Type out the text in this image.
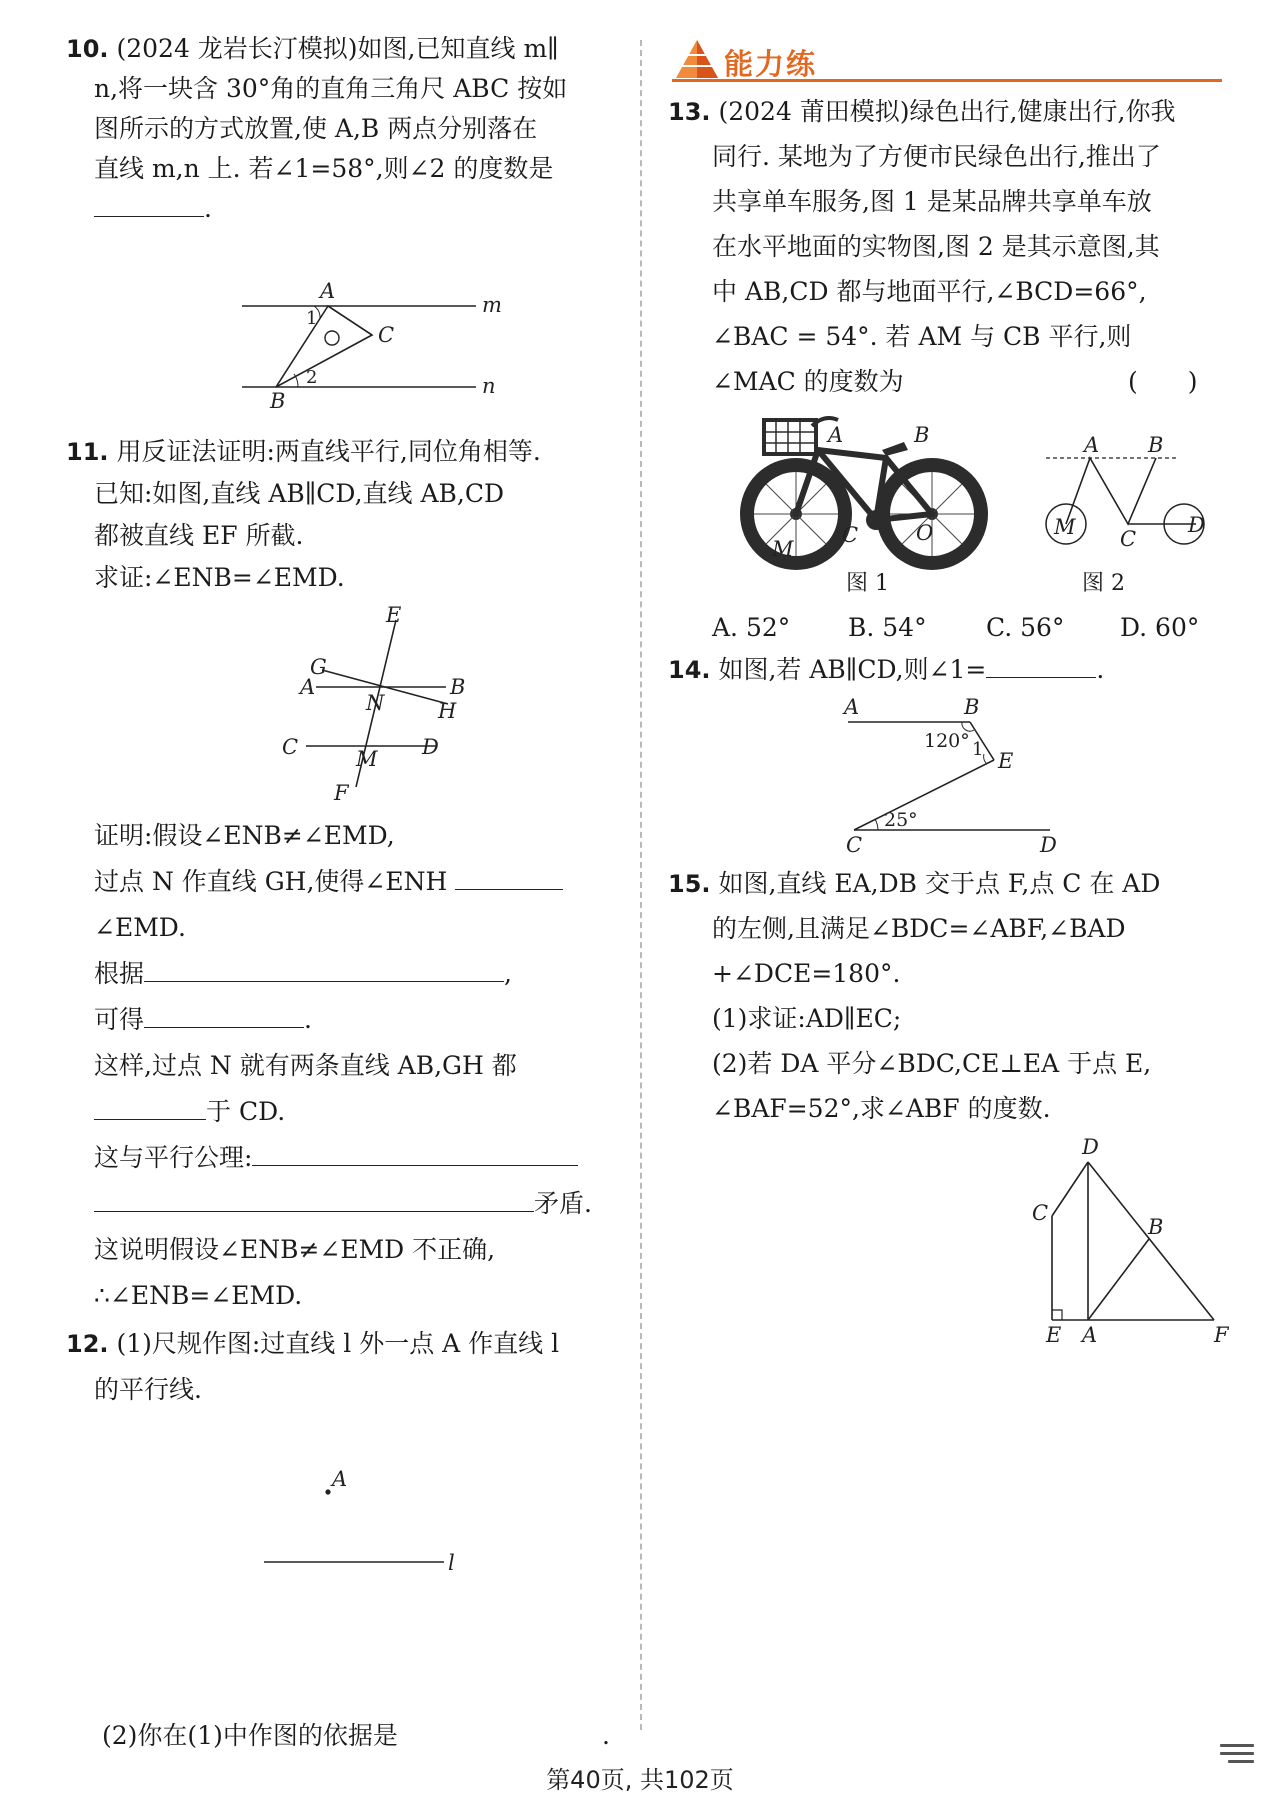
10. (2024 龙岩长汀模拟)如图,已知直线 m∥
n,将一块含 30°角的直角三角尺 ABC 按如
图所示的方式放置,使 A,B 两点分别落在
直线 m,n 上. 若∠1=58°,则∠2 的度数是
.
A
B
C
m
n
1
2
11. 用反证法证明:两直线平行,同位角相等.
已知:如图,直线 AB∥CD,直线 AB,CD
都被直线 EF 所截.
求证:∠ENB=∠EMD.
E
G
A
N
B
H
C	M D
F
证明:假设∠ENB≠∠EMD,
过点 N 作直线 GH,使得∠ENH
∠EMD.
根据	,
可得	.
这样,过点 N 就有两条直线 AB,GH 都
于 CD.
这与平行公理:
矛盾.
这说明假设∠ENB≠∠EMD 不正确,
∴∠ENB=∠EMD.
12. (1)尺规作图:过直线 l 外一点 A 作直线 l
的平行线.
A
l
(2)你在(1)中作图的依据是	.
能力练
13. (2024 莆田模拟)绿色出行,健康出行,你我
同行. 某地为了方便市民绿色出行,推出了
共享单车服务,图 1 是某品牌共享单车放
在水平地面的实物图,图 2 是其示意图,其
中 AB,CD 都与地面平行,∠BCD=66°,
∠BAC = 54°. 若 AM 与 CB 平行,则
∠MAC 的度数为	(　　)
A	B
C	O
M
图 1
A B
M C
D
图 2
A. 52° B. 54° C. 56° D. 60°
14. 如图,若 AB∥CD,则∠1=	.
A	B
E
C	D
120° 1
25°
15. 如图,直线 EA,DB 交于点 F,点 C 在 AD
的左侧,且满足∠BDC=∠ABF,∠BAD
+∠DCE=180°.
(1)求证:AD∥EC;
(2)若 DA 平分∠BDC,CE⊥EA 于点 E,
∠BAF=52°,求∠ABF 的度数.
D
C
B
E A	F
第40页, 共102页
